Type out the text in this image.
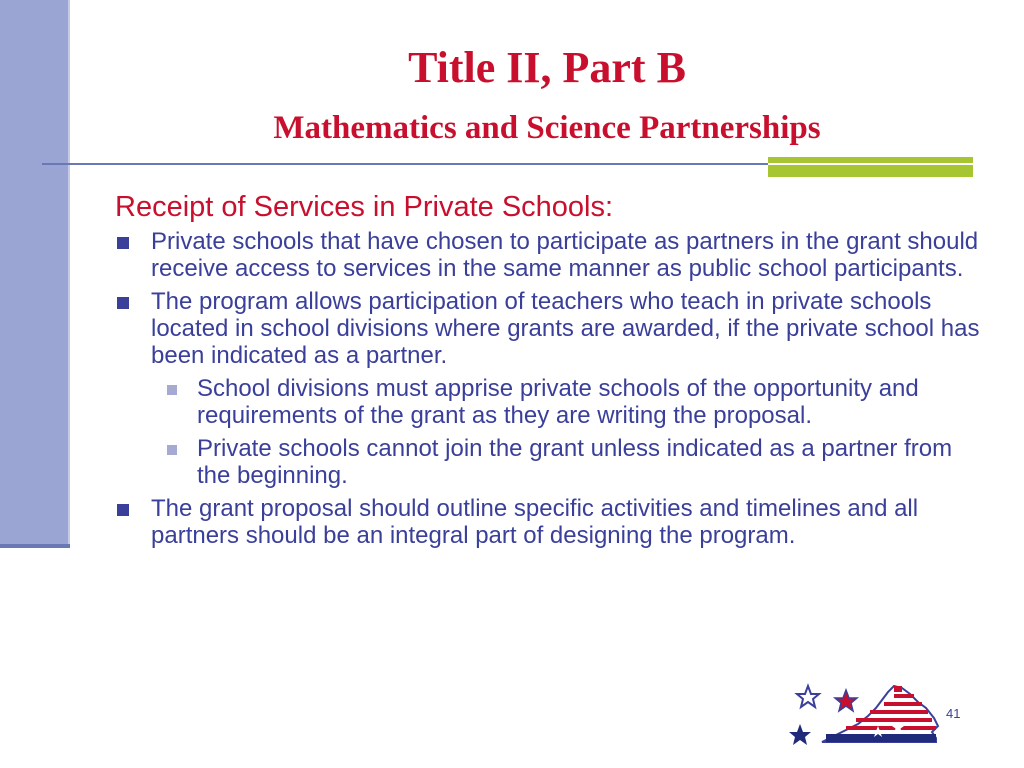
Title II, Part B
Mathematics and Science Partnerships
Receipt of Services in Private Schools:
Private schools that have chosen to participate as partners in the grant should receive access to services in the same manner as public school participants.
The program allows participation of teachers who teach in private schools located in school divisions where grants are awarded, if the private school has been indicated as a partner.
School divisions must apprise private schools of the opportunity and requirements of the grant as they are writing the proposal.
Private schools cannot join the grant unless indicated as a partner from the beginning.
The grant proposal should outline specific activities and timelines and all partners should be an integral part of designing the program.
41
